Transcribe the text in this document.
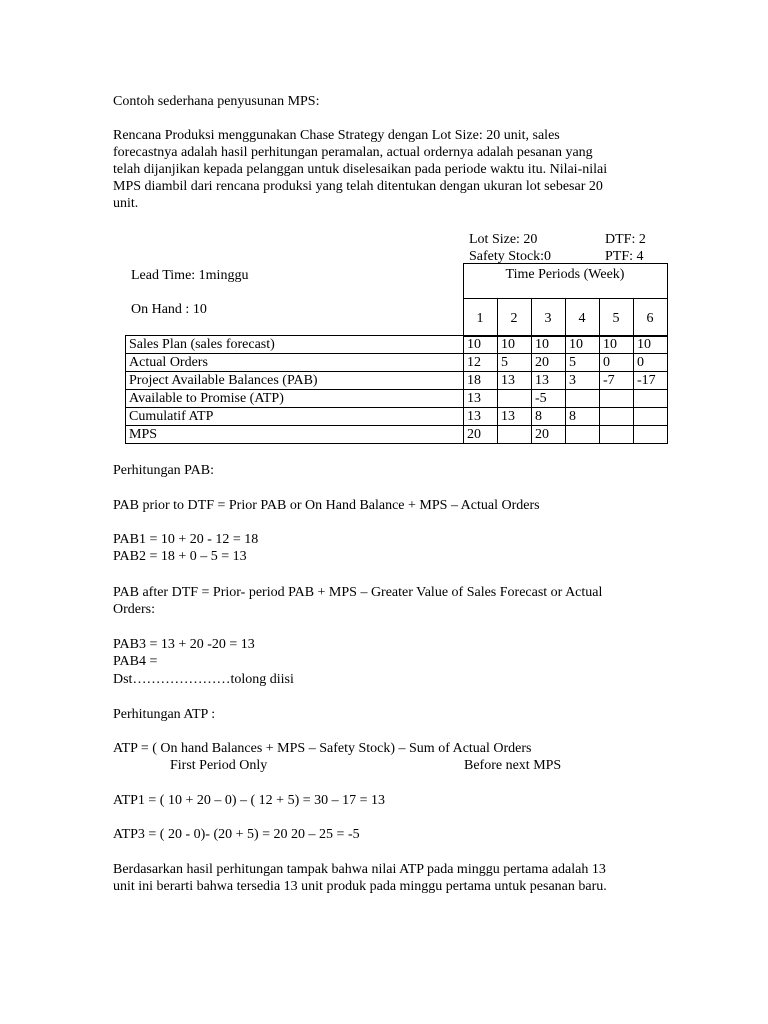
Contoh sederhana penyusunan MPS:
Rencana Produksi menggunakan Chase Strategy dengan Lot Size: 20 unit, sales
forecastnya adalah hasil perhitungan peramalan, actual ordernya adalah pesanan yang
telah dijanjikan kepada pelanggan untuk diselesaikan pada periode waktu itu. Nilai-nilai
MPS diambil dari rencana produksi yang telah ditentukan dengan ukuran lot sebesar 20
unit.
Lot Size: 20	DTF: 2
Safety Stock:0	PTF: 4
Lead Time: 1minggu
On Hand : 10
Time Periods (Week)
1	2	3	4	5	6
Sales Plan (sales forecast)	10	10	10	10	10	10
Actual Orders	12	5	20	5	0	0
Project Available Balances (PAB)	18	13	13	3	-7	-17
Available to Promise (ATP)	13		-5			
Cumulatif ATP	13	13	8	8		
MPS	20		20			
Perhitungan PAB:
PAB prior to DTF = Prior PAB or On Hand Balance + MPS – Actual Orders
PAB1 = 10 + 20 - 12 = 18
PAB2 = 18 + 0 – 5 = 13
PAB after DTF = Prior- period PAB + MPS – Greater Value of Sales Forecast or Actual
Orders:
PAB3 = 13 + 20 -20 = 13
PAB4 =
Dst…………………tolong diisi
Perhitungan ATP :
ATP = ( On hand Balances + MPS – Safety Stock) – Sum of Actual Orders
First Period Only	Before next MPS
ATP1 = ( 10 + 20 – 0) – ( 12 + 5) = 30 – 17 = 13
ATP3 = ( 20 - 0)- (20 + 5) = 20 20 – 25 = -5
Berdasarkan hasil perhitungan tampak bahwa nilai ATP pada minggu pertama adalah 13
unit ini berarti bahwa tersedia 13 unit produk pada minggu pertama untuk pesanan baru.
